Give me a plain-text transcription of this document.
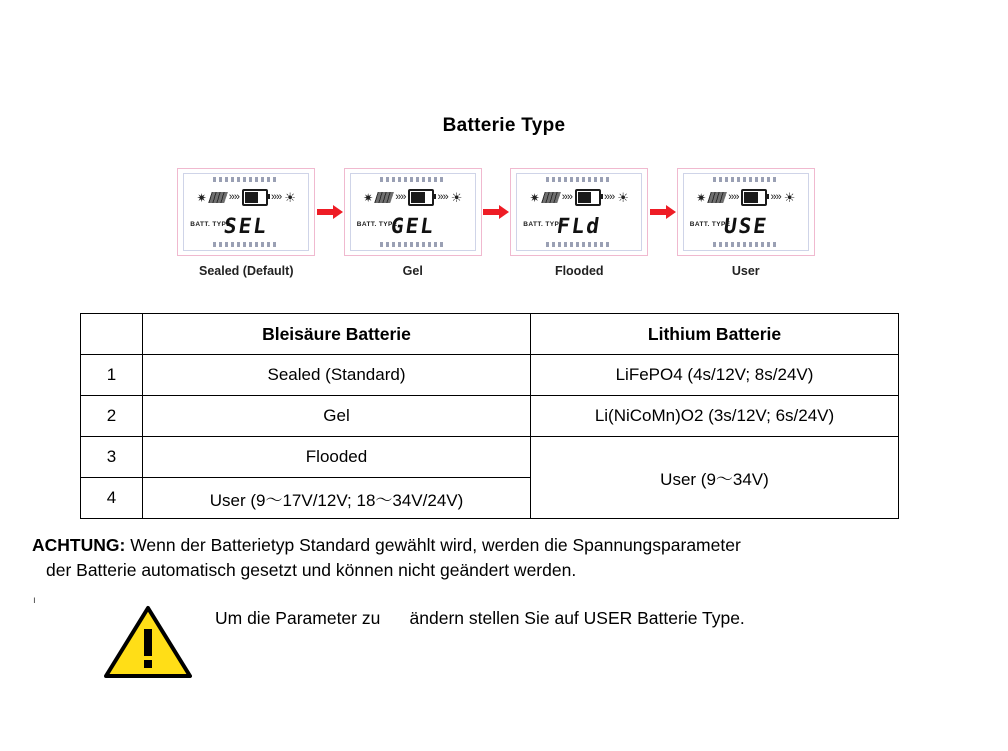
Batterie Type
✷ »»	»» ☀
BATT. TYPE
SEL
Sealed (Default)
✷ »»	»» ☀
BATT. TYPE
GEL
Gel
✷ »»	»» ☀
BATT. TYPE
FLd
Flooded
✷ »»	»» ☀
BATT. TYPE
USE
User
	Bleisäure Batterie	Lithium Batterie
1	Sealed (Standard)	LiFePO4 (4s/12V; 8s/24V)
2	Gel	Li(NiCoMn)O2 (3s/12V; 6s/24V)
3	Flooded	User (9～34V)
4	User (9～17V/12V; 18～34V/24V)	
ACHTUNG: Wenn der Batterietyp Standard gewählt wird, werden die Spannungsparameter
der Batterie automatisch gesetzt und können nicht geändert werden.
ı
Um die Parameter zu      ändern stellen Sie auf USER Batterie Type.
